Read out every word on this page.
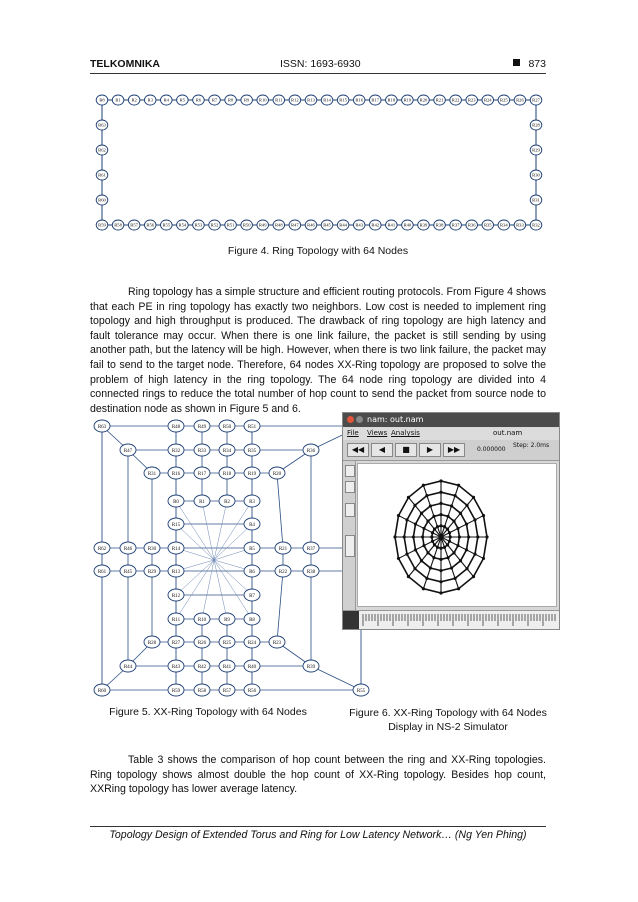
TELKOMNIKA	ISSN: 1693-6930	873
R8 R1 R2 R3 R4 R5 R6 R7 R8 R9 R10 R11 R12 R13 R14 R15 R16 R17 R18 R19 R20 R21 R22 R23 R24 R25 R26 R27
R59 R58 R57 R56 R55 R54 R53 R52 R51 R50 R49 R48 R47 R46 R45 R44 R43 R42 R41 R40 R39 R38 R37 R36 R35 R34 R33 R32
R63
R62
R61
R60
R28
R29
R30
R31
Figure 4. Ring Topology with 64 Nodes

Ring topology has a simple structure and efficient routing protocols. From Figure 4 shows that each PE in ring topology has exactly two neighbors. Low cost is needed to implement ring topology and high throughput is produced. The drawback of ring topology are high latency and fault tolerance may occur. When there is one link failure, the packet is still sending by using another path, but the latency will be high. However, when there is two link failure, the packet may fail to send to the target node. Therefore, 64 nodes XX-Ring topology are proposed to solve the problem of high latency in the ring topology. The 64 node ring topology are divided into 4 connected rings to reduce the total number of hop count to send the packet from source node to destination node as shown in Figure 5 and 6.

R63	R48	R49	R50	R51
R47	R32	R33	R34	R35	R36
R31	R16	R17	R18	R19	R20
R0	R1	R2	R3
R15	R4
R62	R46	R30	R14	R5	R21	R37
R61	R45	R29	R13	R6	R22	R38
R12	R7
R11	R10	R9	R8
R28	R27	R26	R25	R24	R23
R44	R43	R42	R41	R40	R39
R60	R59	R58	R57	R56	R55
Figure 5. XX-Ring Topology with 64 Nodes
nam: out.nam
File Views Analysis	out.nam
◀◀	◀	■	▶	▶▶	0.000000
Step: 2.0ms
Figure 6. XX-Ring Topology with 64 Nodes
Display in NS-2 Simulator

Table 3 shows the comparison of hop count between the ring and XX-Ring topologies. Ring topology shows almost double the hop count of XX-Ring topology. Besides hop count, XXRing topology has lower average latency.

Topology Design of Extended Torus and Ring for Low Latency Network… (Ng Yen Phing)
